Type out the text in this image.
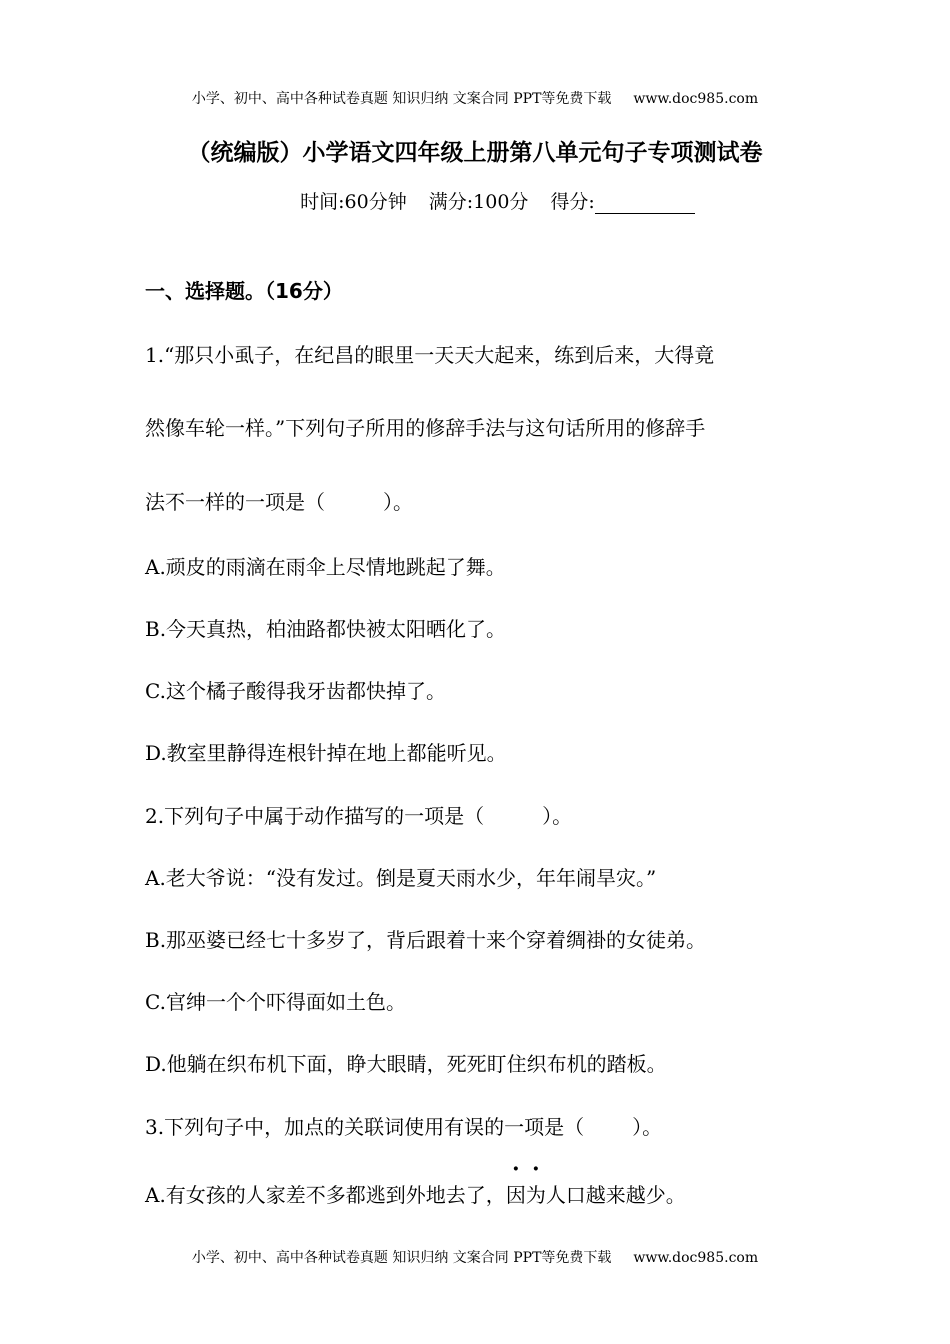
小学、初中、高中各种试卷真题 知识归纳 文案合同 PPT等免费下载 www.doc985.com
（统编版）小学语文四年级上册第八单元句子专项测试卷
时间:60分钟 满分:100分 得分:
一、选择题。（16分）
1.“那只小虱子，在纪昌的眼里一天天大起来，练到后来，大得竟
然像车轮一样。”下列句子所用的修辞手法与这句话所用的修辞手
法不一样的一项是（	）。
A.顽皮的雨滴在雨伞上尽情地跳起了舞。
B.今天真热，柏油路都快被太阳晒化了。
C.这个橘子酸得我牙齿都快掉了。
D.教室里静得连根针掉在地上都能听见。
2.下列句子中属于动作描写的一项是（	）。
A.老大爷说：“没有发过。倒是夏天雨水少，年年闹旱灾。”
B.那巫婆已经七十多岁了，背后跟着十来个穿着绸褂的女徒弟。
C.官绅一个个吓得面如土色。
D.他躺在织布机下面，睁大眼睛，死死盯住织布机的踏板。
3.下列句子中，加点的关联词使用有误的一项是（ ）。
A.有女孩的人家差不多都逃到外地去了，因为人口越来越少。
小学、初中、高中各种试卷真题 知识归纳 文案合同 PPT等免费下载 www.doc985.com
